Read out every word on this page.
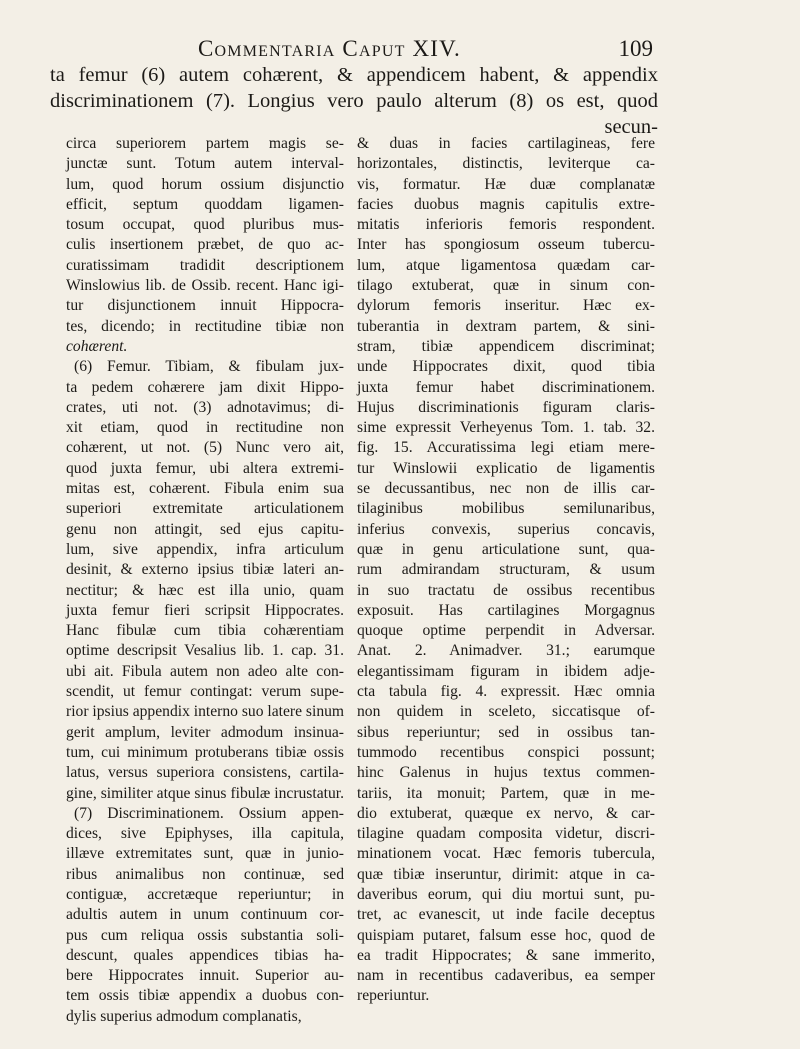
Commentaria Caput XIV.	109
ta femur (6) autem cohærent, & appendicem habent, & appendix
discriminationem (7). Longius vero paulo alterum (8) os est, quod
secun-
circa superiorem partem magis se-
junctæ sunt. Totum autem interval-
lum, quod horum ossium disjunctio
efficit, septum quoddam ligamen-
tosum occupat, quod pluribus mus-
culis insertionem præbet, de quo ac-
curatissimam tradidit descriptionem
Winslowius lib. de Ossib. recent. Hanc igi-
tur disjunctionem innuit Hippocra-
tes, dicendo; in rectitudine tibiæ non
cohærent.
(6) Femur. Tibiam, & fibulam jux-
ta pedem cohærere jam dixit Hippo-
crates, uti not. (3) adnotavimus; di-
xit etiam, quod in rectitudine non
cohærent, ut not. (5) Nunc vero ait,
quod juxta femur, ubi altera extremi-
mitas est, cohærent. Fibula enim sua
superiori extremitate articulationem
genu non attingit, sed ejus capitu-
lum, sive appendix, infra articulum
desinit, & externo ipsius tibiæ lateri an-
nectitur; & hæc est illa unio, quam
juxta femur fieri scripsit Hippocrates.
Hanc fibulæ cum tibia cohærentiam
optime descripsit Vesalius lib. 1. cap. 31.
ubi ait. Fibula autem non adeo alte con-
scendit, ut femur contingat: verum supe-
rior ipsius appendix interno suo latere sinum
gerit amplum, leviter admodum insinua-
tum, cui minimum protuberans tibiæ ossis
latus, versus superiora consistens, cartila-
gine, similiter atque sinus fibulæ incrustatur.
(7) Discriminationem. Ossium appen-
dices, sive Epiphyses, illa capitula,
illæve extremitates sunt, quæ in junio-
ribus animalibus non continuæ, sed
contiguæ, accretæque reperiuntur; in
adultis autem in unum continuum cor-
pus cum reliqua ossis substantia soli-
descunt, quales appendices tibias ha-
bere Hippocrates innuit. Superior au-
tem ossis tibiæ appendix a duobus con-
dylis superius admodum complanatis,
& duas in facies cartilagineas, fere
horizontales, distinctis, leviterque ca-
vis, formatur. Hæ duæ complanatæ
facies duobus magnis capitulis extre-
mitatis inferioris femoris respondent.
Inter has spongiosum osseum tubercu-
lum, atque ligamentosa quædam car-
tilago extuberat, quæ in sinum con-
dylorum femoris inseritur. Hæc ex-
tuberantia in dextram partem, & sini-
stram, tibiæ appendicem discriminat;
unde Hippocrates dixit, quod tibia
juxta femur habet discriminationem.
Hujus discriminationis figuram claris-
sime expressit Verheyenus Tom. 1. tab. 32.
fig. 15. Accuratissima legi etiam mere-
tur Winslowii explicatio de ligamentis
se decussantibus, nec non de illis car-
tilaginibus mobilibus semilunaribus,
inferius convexis, superius concavis,
quæ in genu articulatione sunt, qua-
rum admirandam structuram, & usum
in suo tractatu de ossibus recentibus
exposuit. Has cartilagines Morgagnus
quoque optime perpendit in Adversar.
Anat. 2. Animadver. 31.; earumque
elegantissimam figuram in ibidem adje-
cta tabula fig. 4. expressit. Hæc omnia
non quidem in sceleto, siccatisque of-
sibus reperiuntur; sed in ossibus tan-
tummodo recentibus conspici possunt;
hinc Galenus in hujus textus commen-
tariis, ita monuit; Partem, quæ in me-
dio extuberat, quæque ex nervo, & car-
tilagine quadam composita videtur, discri-
minationem vocat. Hæc femoris tubercula,
quæ tibiæ inseruntur, dirimit: atque in ca-
daveribus eorum, qui diu mortui sunt, pu-
tret, ac evanescit, ut inde facile deceptus
quispiam putaret, falsum esse hoc, quod de
ea tradit Hippocrates; & sane immerito,
nam in recentibus cadaveribus, ea semper
reperiuntur.
